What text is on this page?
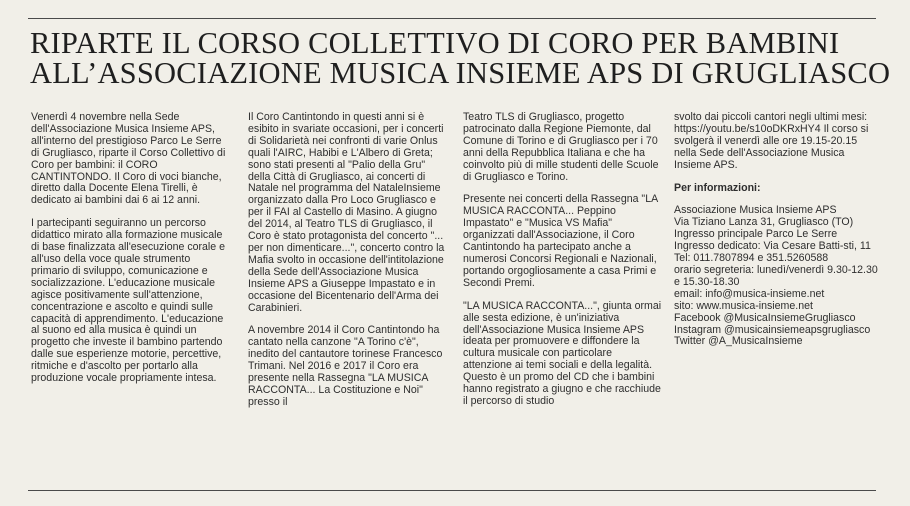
RIPARTE IL CORSO COLLETTIVO DI CORO PER BAMBINI
ALL’ASSOCIAZIONE MUSICA INSIEME APS DI GRUGLIASCO

Venerdì 4 novembre nella Sede dell'Associazione Musica Insieme APS, all'interno del prestigioso Parco Le Serre di Grugliasco, riparte il Corso Collettivo di Coro per bambini: il CORO CANTINTONDO. Il Coro di voci bianche, diretto dalla Docente Elena Tirelli, è dedicato ai bambini dai 6 ai 12 anni.

I partecipanti seguiranno un percorso didattico mirato alla formazione musicale di base finalizzata all'esecuzione corale e all'uso della voce quale strumento primario di sviluppo, comunicazione e socializzazione. L'educazione musicale agisce positivamente sull'attenzione, concentrazione e ascolto e quindi sulle capacità di apprendimento. L'educazione al suono ed alla musica è quindi un progetto che investe il bambino partendo dalle sue esperienze motorie, percettive, ritmiche e d'ascolto per portarlo alla produzione vocale propriamente intesa.

Il Coro Cantintondo in questi anni si è esibito in svariate occasioni, per i concerti di Solidarietà nei confronti di varie Onlus quali l'AIRC, Habibi e L'Albero di Greta; sono stati presenti al "Palio della Gru" della Città di Grugliasco, ai concerti di Natale nel programma del NataleInsieme organizzato dalla Pro Loco Grugliasco e per il FAI al Castello di Masino. A giugno del 2014, al Teatro TLS di Grugliasco, il Coro è stato protagonista del concerto "... per non dimenticare...", concerto contro la Mafia svolto in occasione dell'intitolazione della Sede dell'Associazione Musica Insieme APS a Giuseppe Impastato e in occasione del Bicentenario dell'Arma dei Carabinieri.

A novembre 2014 il Coro Cantintondo ha cantato nella canzone "A Torino c'è", inedito del cantautore torinese Francesco Trimani. Nel 2016 e 2017 il Coro era presente nella Rassegna "LA MUSICA RACCONTA... La Costituzione e Noi" presso il

Teatro TLS di Grugliasco, progetto patrocinato dalla Regione Piemonte, dal Comune di Torino e di Grugliasco per i 70 anni della Repubblica Italiana e che ha coinvolto più di mille studenti delle Scuole di Grugliasco e Torino.

Presente nei concerti della Rassegna "LA MUSICA RACCONTA... Peppino Impastato" e "Musica VS Mafia" organizzati dall'Associazione, il Coro Cantintondo ha partecipato anche a numerosi Concorsi Regionali e Nazionali, portando orgogliosamente a casa Primi e Secondi Premi.

"LA MUSICA RACCONTA...", giunta ormai alle sesta edizione, è un'iniziativa dell'Associazione Musica Insieme APS ideata per promuovere e diffondere la cultura musicale con particolare attenzione ai temi sociali e della legalità. Questo è un promo del CD che i bambini hanno registrato a giugno e che racchiude il percorso di studio

svolto dai piccoli cantori negli ultimi mesi: https://youtu.be/s10oDKRxHY4 Il corso si svolgerà il venerdì alle ore 19.15-20.15 nella Sede dell'Associazione Musica Insieme APS.

Per informazioni:
Associazione Musica Insieme APS
Via Tiziano Lanza 31, Grugliasco (TO)
Ingresso principale Parco Le Serre
Ingresso dedicato: Via Cesare Batti-sti, 11
Tel: 011.7807894 e 351.5260588
orario segreteria: lunedì/venerdì 9.30-12.30 e 15.30-18.30
email: info@musica-insieme.net
sito: www.musica-insieme.net
Facebook @MusicaInsiemeGrugliasco
Instagram @musicainsiemeapsgrugliasco
Twitter @A_MusicaInsieme
